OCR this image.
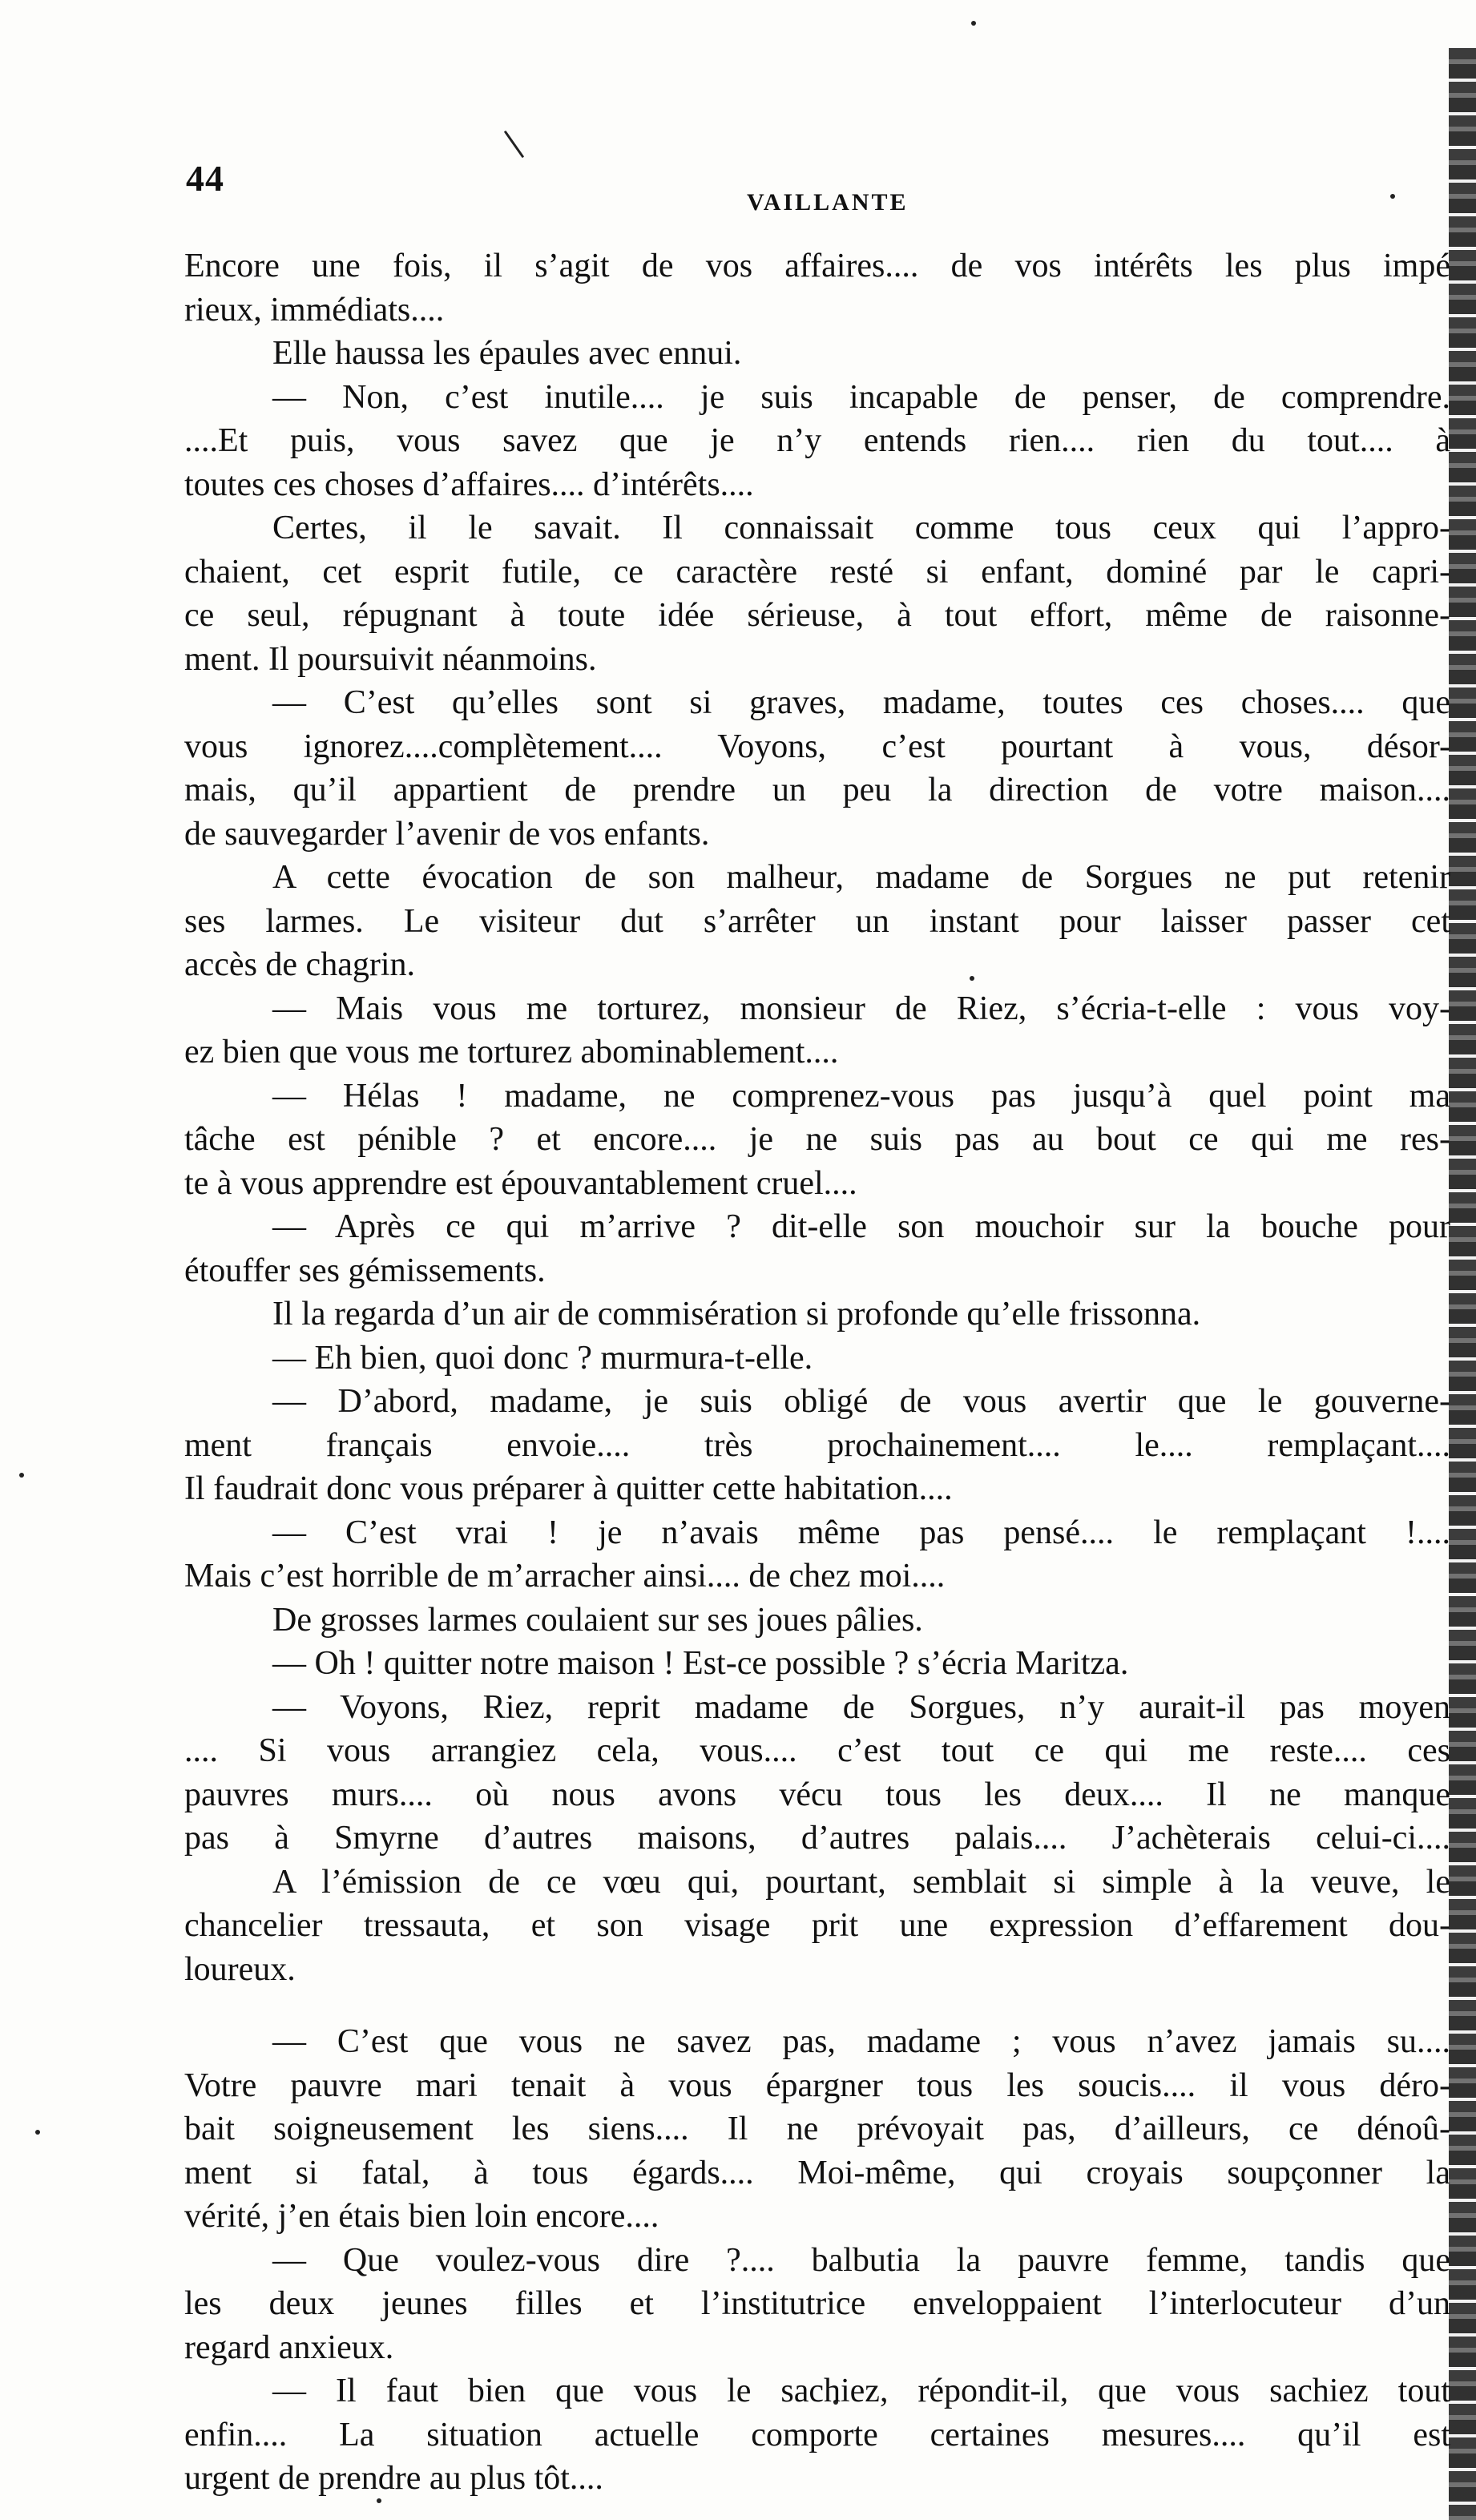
44
VAILLANTE
Encore une fois, il s’agit de vos affaires.... de vos intérêts les plus impé
rieux, immédiats....
Elle haussa les épaules avec ennui.
— Non, c’est inutile.... je suis incapable de penser, de comprendre.
....Et puis, vous savez que je n’y entends rien.... rien du tout.... à
toutes ces choses d’affaires.... d’intérêts....
Certes, il le savait. Il connaissait comme tous ceux qui l’appro-
chaient, cet esprit futile, ce caractère resté si enfant, dominé par le capri-
ce seul, répugnant à toute idée sérieuse, à tout effort, même de raisonne-
ment. Il poursuivit néanmoins.
— C’est qu’elles sont si graves, madame, toutes ces choses.... que
vous ignorez....complètement.... Voyons, c’est pourtant à vous, désor-
mais, qu’il appartient de prendre un peu la direction de votre maison....
de sauvegarder l’avenir de vos enfants.
A cette évocation de son malheur, madame de Sorgues ne put retenir
ses larmes. Le visiteur dut s’arrêter un instant pour laisser passer cet
accès de chagrin.
— Mais vous me torturez, monsieur de Riez, s’écria-t-elle : vous voy-
ez bien que vous me torturez abominablement....
— Hélas ! madame, ne comprenez-vous pas jusqu’à quel point ma
tâche est pénible ? et encore.... je ne suis pas au bout ce qui me res-
te à vous apprendre est épouvantablement cruel....
— Après ce qui m’arrive ? dit-elle son mouchoir sur la bouche pour
étouffer ses gémissements.
Il la regarda d’un air de commisération si profonde qu’elle frissonna.
— Eh bien, quoi donc ? murmura-t-elle.
— D’abord, madame, je suis obligé de vous avertir que le gouverne-
ment français envoie.... très prochainement.... le.... remplaçant....
Il faudrait donc vous préparer à quitter cette habitation....
— C’est vrai ! je n’avais même pas pensé.... le remplaçant !....
Mais c’est horrible de m’arracher ainsi.... de chez moi....
De grosses larmes coulaient sur ses joues pâlies.
— Oh ! quitter notre maison ! Est-ce possible ? s’écria Maritza.
— Voyons, Riez, reprit madame de Sorgues, n’y aurait-il pas moyen
.... Si vous arrangiez cela, vous.... c’est tout ce qui me reste.... ces
pauvres murs.... où nous avons vécu tous les deux.... Il ne manque
pas à Smyrne d’autres maisons, d’autres palais.... J’achèterais celui-ci....
A l’émission de ce vœu qui, pourtant, semblait si simple à la veuve, le
chancelier tressauta, et son visage prit une expression d’effarement dou-
loureux.
— C’est que vous ne savez pas, madame ; vous n’avez jamais su....
Votre pauvre mari tenait à vous épargner tous les soucis.... il vous déro-
bait soigneusement les siens.... Il ne prévoyait pas, d’ailleurs, ce dénoû-
ment si fatal, à tous égards.... Moi-même, qui croyais soupçonner la
vérité, j’en étais bien loin encore....
— Que voulez-vous dire ?.... balbutia la pauvre femme, tandis que
les deux jeunes filles et l’institutrice enveloppaient l’interlocuteur d’un
regard anxieux.
— Il faut bien que vous le sachiez, répondit-il, que vous sachiez tout
enfin.... La situation actuelle comporte certaines mesures.... qu’il est
urgent de prendre au plus tôt....
